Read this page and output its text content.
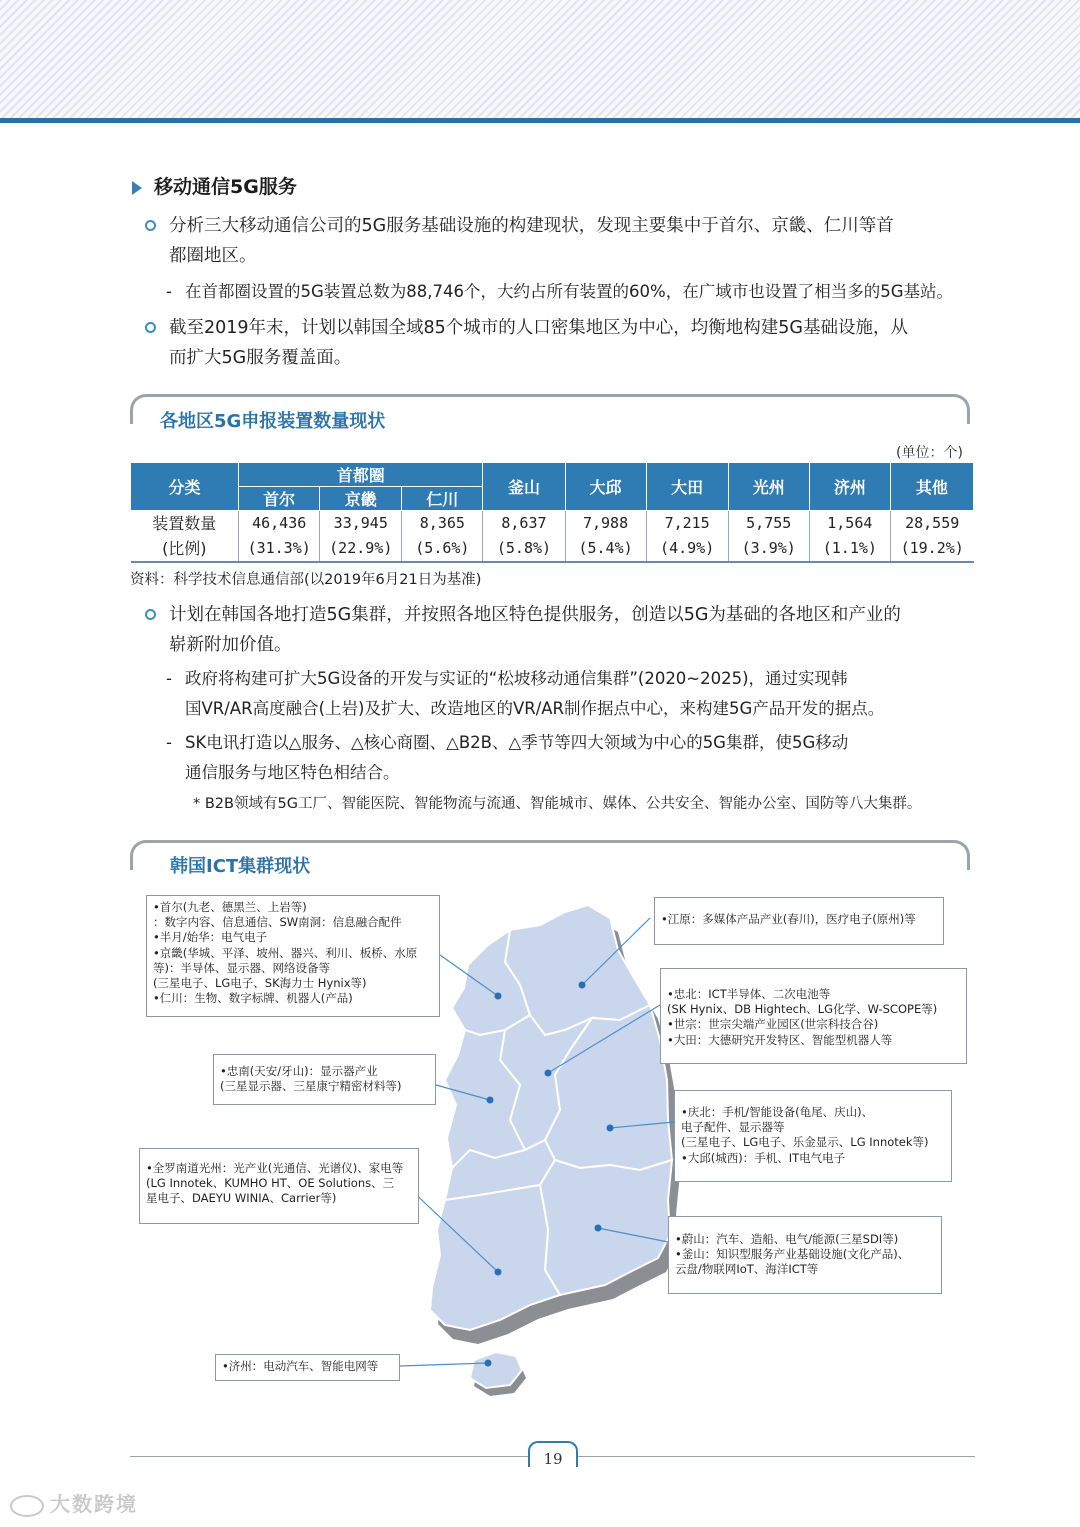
移动通信5G服务
分析三大移动通信公司的5G服务基础设施的构建现状，发现主要集中于首尔、京畿、仁川等首
都圈地区。
- 在首都圈设置的5G装置总数为88,746个，大约占所有装置的60%，在广域市也设置了相当多的5G基站。
截至2019年末，计划以韩国全域85个城市的人口密集地区为中心，均衡地构建5G基础设施，从
而扩大5G服务覆盖面。
各地区5G申报装置数量现状
(单位：个)
分类	首都圈			釜山	大邱	大田	光州	济州	其他
	首尔	京畿	仁川						
装置数量	46,436	33,945	8,365	8,637	7,988	7,215	5,755	1,564	28,559
(比例)	(31.3%)	(22.9%)	(5.6%)	(5.8%)	(5.4%)	(4.9%)	(3.9%)	(1.1%)	(19.2%)
资料：科学技术信息通信部(以2019年6月21日为基准)
计划在韩国各地打造5G集群，并按照各地区特色提供服务，创造以5G为基础的各地区和产业的
崭新附加价值。
- 政府将构建可扩大5G设备的开发与实证的“松坡移动通信集群”(2020~2025)，通过实现韩
国VR/AR高度融合(上岩)及扩大、改造地区的VR/AR制作据点中心，来构建5G产品开发的据点。
- SK电讯打造以△服务、△核心商圈、△B2B、△季节等四大领域为中心的5G集群，使5G移动
通信服务与地区特色相结合。
* B2B领域有5G工厂、智能医院、智能物流与流通、智能城市、媒体、公共安全、智能办公室、国防等八大集群。
韩国ICT集群现状
•首尔(九老、德黑兰、上岩等)
：数字内容、信息通信、SW南洞：信息融合配件
•半月/始华：电气电子
•京畿(华城、平泽、坡州、器兴、利川、板桥、水原
等)：半导体、显示器、网络设备等
(三星电子、LG电子、SK海力士 Hynix等)
•仁川：生物、数字标牌、机器人(产品)
•江原：多媒体产品产业(春川)，医疗电子(原州)等
•忠北：ICT半导体、二次电池等
(SK Hynix、DB Hightech、LG化学、W-SCOPE等)
•世宗：世宗尖端产业园区(世宗科技合谷)
•大田：大德研究开发特区、智能型机器人等
•忠南(天安/牙山)：显示器产业
(三星显示器、三星康宁精密材料等)
•庆北：手机/智能设备(龟尾、庆山)、
电子配件、显示器等
(三星电子、LG电子、乐金显示、LG Innotek等)
•大邱(城西)：手机、IT电气电子
•全罗南道光州：光产业(光通信、光谱仪)、家电等
(LG Innotek、KUMHO HT、OE Solutions、三
星电子、DAEYU WINIA、Carrier等)
•蔚山：汽车、造船、电气/能源(三星SDI等)
•釜山：知识型服务产业基础设施(文化产品)、
云盘/物联网IoT、海洋ICT等
•济州：电动汽车、智能电网等
19
大数跨境
